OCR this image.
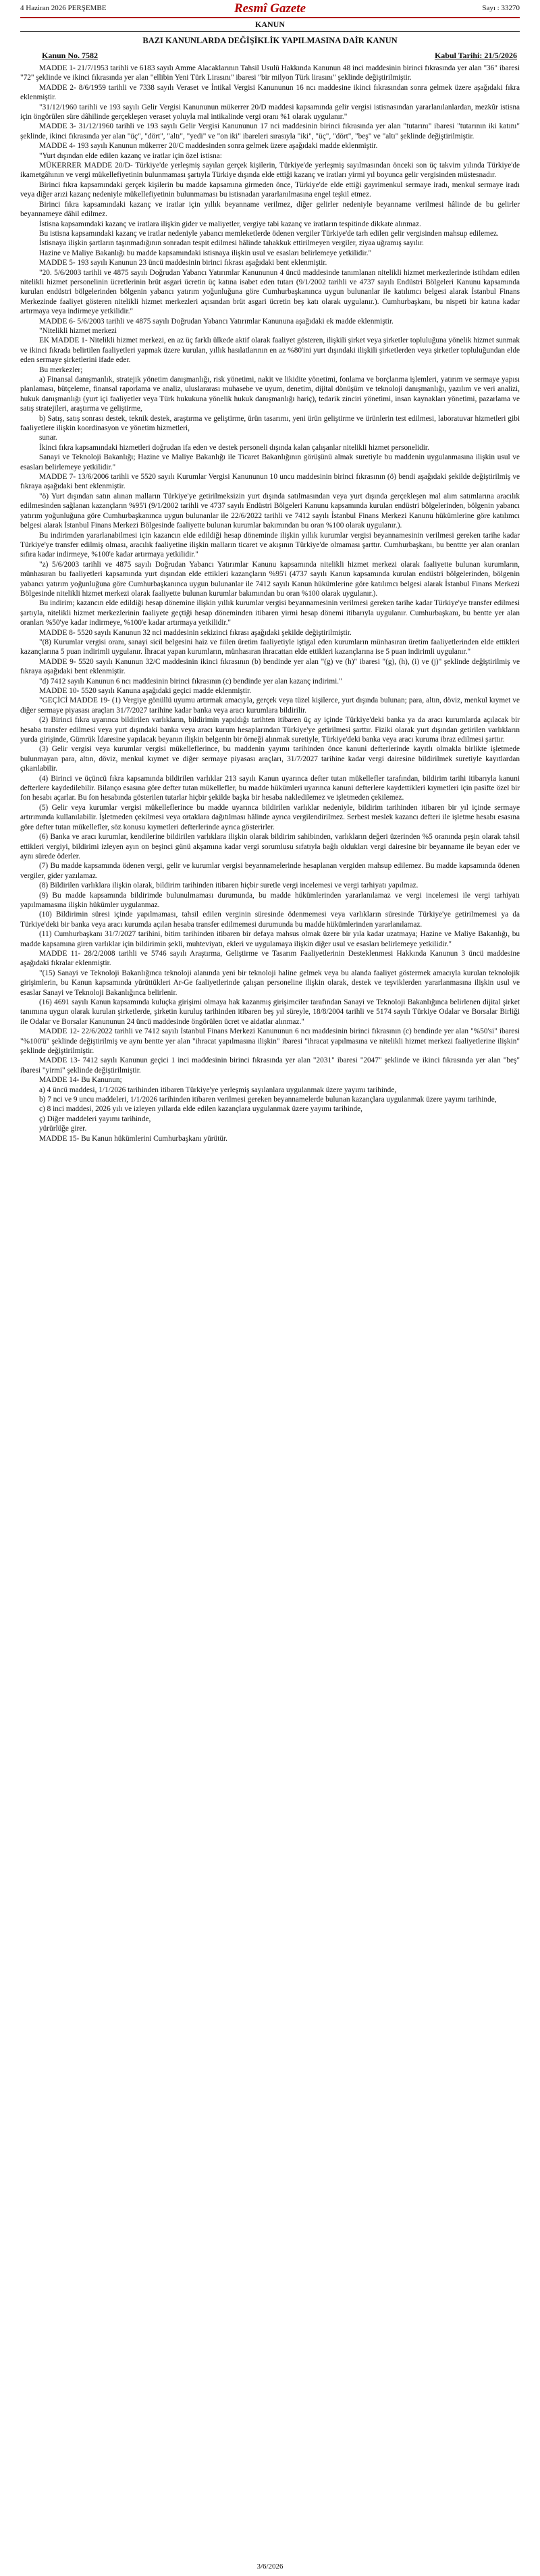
4 Haziran 2026 PERŞEMBE	Resmî Gazete	Sayı : 33270
KANUN
BAZI KANUNLARDA DEĞİŞİKLİK YAPILMASINA DAİR KANUN
Kanun No. 7582	Kabul Tarihi: 21/5/2026

MADDE 1- 21/7/1953 tarihli ve 6183 sayılı Amme Alacaklarının Tahsil Usulü Hakkında Kanunun 48 inci maddesinin birinci fıkrasında yer alan "36" ibaresi "72" şeklinde ve ikinci fıkrasında yer alan "ellibin Yeni Türk Lirasını" ibaresi "bir milyon Türk lirasını" şeklinde değiştirilmiştir.

MADDE 2- 8/6/1959 tarihli ve 7338 sayılı Veraset ve İntikal Vergisi Kanununun 16 ncı maddesine ikinci fıkrasından sonra gelmek üzere aşağıdaki fıkra eklenmiştir.

"31/12/1960 tarihli ve 193 sayılı Gelir Vergisi Kanununun mükerrer 20/D maddesi kapsamında gelir vergisi istisnasından yararlanılanlardan, mezkûr istisna için öngörülen süre dâhilinde gerçekleşen veraset yoluyla mal intikalinde vergi oranı %1 olarak uygulanır."

MADDE 3- 31/12/1960 tarihli ve 193 sayılı Gelir Vergisi Kanununun 17 nci maddesinin birinci fıkrasında yer alan "tutarını" ibaresi "tutarının iki katını" şeklinde, ikinci fıkrasında yer alan "üç", "dört", "altı", "yedi" ve "on iki" ibareleri sırasıyla "iki", "üç", "dört", "beş" ve "altı" şeklinde değiştirilmiştir.

MADDE 4- 193 sayılı Kanunun mükerrer 20/C maddesinden sonra gelmek üzere aşağıdaki madde eklenmiştir.

"Yurt dışından elde edilen kazanç ve iratlar için özel istisna:

MÜKERRER MADDE 20/D- Türkiye'de yerleşmiş sayılan gerçek kişilerin, Türkiye'de yerleşmiş sayılmasından önceki son üç takvim yılında Türkiye'de ikametgâhının ve vergi mükellefiyetinin bulunmaması şartıyla Türkiye dışında elde ettiği kazanç ve iratları yirmi yıl boyunca gelir vergisinden müstesnadır.

Birinci fıkra kapsamındaki gerçek kişilerin bu madde kapsamına girmeden önce, Türkiye'de elde ettiği gayrimenkul sermaye iradı, menkul sermaye iradı veya diğer arızi kazanç nedeniyle mükellefiyetinin bulunmaması bu istisnadan yararlanılmasına engel teşkil etmez.

Birinci fıkra kapsamındaki kazanç ve iratlar için yıllık beyanname verilmez, diğer gelirler nedeniyle beyanname verilmesi hâlinde de bu gelirler beyannameye dâhil edilmez.

İstisna kapsamındaki kazanç ve iratlara ilişkin gider ve maliyetler, vergiye tabi kazanç ve iratların tespitinde dikkate alınmaz.

Bu istisna kapsamındaki kazanç ve iratlar nedeniyle yabancı memleketlerde ödenen vergiler Türkiye'de tarh edilen gelir vergisinden mahsup edilemez.

İstisnaya ilişkin şartların taşınmadığının sonradan tespit edilmesi hâlinde tahakkuk ettirilmeyen vergiler, ziyaa uğramış sayılır.

Hazine ve Maliye Bakanlığı bu madde kapsamındaki istisnaya ilişkin usul ve esasları belirlemeye yetkilidir."

MADDE 5- 193 sayılı Kanunun 23 üncü maddesinin birinci fıkrası aşağıdaki bent eklenmiştir.

"20. 5/6/2003 tarihli ve 4875 sayılı Doğrudan Yabancı Yatırımlar Kanununun 4 üncü maddesinde tanımlanan nitelikli hizmet merkezlerinde istihdam edilen nitelikli hizmet personelinin ücretlerinin brüt asgari ücretin üç katına isabet eden tutarı (9/1/2002 tarihli ve 4737 sayılı Endüstri Bölgeleri Kanunu kapsamında kurulan endüstri bölgelerinden bölgenin yabancı yatırım yoğunluğuna göre Cumhurbaşkanınca uygun bulunanlar ile katılımcı belgesi alarak İstanbul Finans Merkezinde faaliyet gösteren nitelikli hizmet merkezleri açısından brüt asgari ücretin beş katı olarak uygulanır.). Cumhurbaşkanı, bu nispeti bir katına kadar artırmaya veya indirmeye yetkilidir."

MADDE 6- 5/6/2003 tarihli ve 4875 sayılı Doğrudan Yabancı Yatırımlar Kanununa aşağıdaki ek madde eklenmiştir.

"Nitelikli hizmet merkezi

EK MADDE 1- Nitelikli hizmet merkezi, en az üç farklı ülkede aktif olarak faaliyet gösteren, ilişkili şirket veya şirketler topluluğuna yönelik hizmet sunmak ve ikinci fıkrada belirtilen faaliyetleri yapmak üzere kurulan, yıllık hasılatlarının en az %80'ini yurt dışındaki ilişkili şirketlerden veya şirketler topluluğundan elde eden sermaye şirketlerini ifade eder.

Bu merkezler;

a) Finansal danışmanlık, stratejik yönetim danışmanlığı, risk yönetimi, nakit ve likidite yönetimi, fonlama ve borçlanma işlemleri, yatırım ve sermaye yapısı planlaması, bütçeleme, finansal raporlama ve analiz, uluslararası muhasebe ve uyum, denetim, dijital dönüşüm ve teknoloji danışmanlığı, yazılım ve veri analizi, hukuk danışmanlığı (yurt içi faaliyetler veya Türk hukukuna yönelik hukuk danışmanlığı hariç), tedarik zinciri yönetimi, insan kaynakları yönetimi, pazarlama ve satış stratejileri, araştırma ve geliştirme,

b) Satış, satış sonrası destek, teknik destek, araştırma ve geliştirme, ürün tasarımı, yeni ürün geliştirme ve ürünlerin test edilmesi, laboratuvar hizmetleri gibi faaliyetlere ilişkin koordinasyon ve yönetim hizmetleri,

sunar.

İkinci fıkra kapsamındaki hizmetleri doğrudan ifa eden ve destek personeli dışında kalan çalışanlar nitelikli hizmet personelidir.

Sanayi ve Teknoloji Bakanlığı; Hazine ve Maliye Bakanlığı ile Ticaret Bakanlığının görüşünü almak suretiyle bu maddenin uygulanmasına ilişkin usul ve esasları belirlemeye yetkilidir."

MADDE 7- 13/6/2006 tarihli ve 5520 sayılı Kurumlar Vergisi Kanununun 10 uncu maddesinin birinci fıkrasının (ö) bendi aşağıdaki şekilde değiştirilmiş ve fıkraya aşağıdaki bent eklenmiştir.

"ö) Yurt dışından satın alınan malların Türkiye'ye getirilmeksizin yurt dışında satılmasından veya yurt dışında gerçekleşen mal alım satımlarına aracılık edilmesinden sağlanan kazançların %95'i (9/1/2002 tarihli ve 4737 sayılı Endüstri Bölgeleri Kanunu kapsamında kurulan endüstri bölgelerinden, bölgenin yabancı yatırım yoğunluğuna göre Cumhurbaşkanınca uygun bulunanlar ile 22/6/2022 tarihli ve 7412 sayılı İstanbul Finans Merkezi Kanunu hükümlerine göre katılımcı belgesi alarak İstanbul Finans Merkezi Bölgesinde faaliyette bulunan kurumlar bakımından bu oran %100 olarak uygulanır.).

Bu indirimden yararlanabilmesi için kazancın elde edildiği hesap döneminde ilişkin yıllık kurumlar vergisi beyannamesinin verilmesi gereken tarihe kadar Türkiye'ye transfer edilmiş olması, aracılık faaliyetine ilişkin malların ticaret ve akışının Türkiye'de olmaması şarttır. Cumhurbaşkanı, bu benttte yer alan oranları sıfıra kadar indirmeye, %100'e kadar artırmaya yetkilidir."

"z) 5/6/2003 tarihli ve 4875 sayılı Doğrudan Yabancı Yatırımlar Kanunu kapsamında nitelikli hizmet merkezi olarak faaliyette bulunan kurumların, münhasıran bu faaliyetleri kapsamında yurt dışından elde ettikleri kazançların %95'i (4737 sayılı Kanun kapsamında kurulan endüstri bölgelerinden, bölgenin yabancı yatırım yoğunluğuna göre Cumhurbaşkanınca uygun bulunanlar ile 7412 sayılı Kanun hükümlerine göre katılımcı belgesi alarak İstanbul Finans Merkezi Bölgesinde nitelikli hizmet merkezi olarak faaliyette bulunan kurumlar bakımından bu oran %100 olarak uygulanır.).

Bu indirim; kazancın elde edildiği hesap dönemine ilişkin yıllık kurumlar vergisi beyannamesinin verilmesi gereken tarihe kadar Türkiye'ye transfer edilmesi şartıyla, nitelikli hizmet merkezlerinin faaliyete geçtiği hesap döneminden itibaren yirmi hesap dönemi itibarıyla uygulanır. Cumhurbaşkanı, bu bentte yer alan oranları %50'ye kadar indirmeye, %100'e kadar artırmaya yetkilidir."

MADDE 8- 5520 sayılı Kanunun 32 nci maddesinin sekizinci fıkrası aşağıdaki şekilde değiştirilmiştir.

"(8) Kurumlar vergisi oranı, sanayi sicil belgesini haiz ve fiilen üretim faaliyetiyle iştigal eden kurumların münhasıran üretim faaliyetlerinden elde ettikleri kazançlarına 5 puan indirimli uygulanır. İhracat yapan kurumların, münhasıran ihracattan elde ettikleri kazançlarına ise 5 puan indirimli uygulanır."

MADDE 9- 5520 sayılı Kanunun 32/C maddesinin ikinci fıkrasının (b) bendinde yer alan "(g) ve (h)" ibaresi "(g), (h), (i) ve (j)" şeklinde değiştirilmiş ve fıkraya aşağıdaki bent eklenmiştir.

"d) 7412 sayılı Kanunun 6 ncı maddesinin birinci fıkrasının (c) bendinde yer alan kazanç indirimi."

MADDE 10- 5520 sayılı Kanuna aşağıdaki geçici madde eklenmiştir.

"GEÇİCİ MADDE 19- (1) Vergiye gönüllü uyumu artırmak amacıyla, gerçek veya tüzel kişilerce, yurt dışında bulunan; para, altın, döviz, menkul kıymet ve diğer sermaye piyasası araçları 31/7/2027 tarihine kadar banka veya aracı kurumlara bildirilir.

(2) Birinci fıkra uyarınca bildirilen varlıkların, bildirimin yapıldığı tarihten itibaren üç ay içinde Türkiye'deki banka ya da aracı kurumlarda açılacak bir hesaba transfer edilmesi veya yurt dışındaki banka veya aracı kurum hesaplarından Türkiye'ye getirilmesi şarttır. Fiziki olarak yurt dışından getirilen varlıkların yurda girişinde, Gümrük İdaresine yapılacak beyanın ilişkin belgenin bir örneği alınmak suretiyle, Türkiye'deki banka veya aracı kuruma ibraz edilmesi şarttır.

(3) Gelir vergisi veya kurumlar vergisi mükelleflerince, bu maddenin yayımı tarihinden önce kanuni defterlerinde kayıtlı olmakla birlikte işletmede bulunmayan para, altın, döviz, menkul kıymet ve diğer sermaye piyasası araçları, 31/7/2027 tarihine kadar vergi dairesine bildirilmek suretiyle kayıtlardan çıkarılabilir.

(4) Birinci ve üçüncü fıkra kapsamında bildirilen varlıklar 213 sayılı Kanun uyarınca defter tutan mükellefler tarafından, bildirim tarihi itibarıyla kanuni defterlere kaydedilebilir. Bilanço esasına göre defter tutan mükellefler, bu madde hükümleri uyarınca kanuni defterlere kaydettikleri kıymetleri için pasifte özel bir fon hesabı açarlar. Bu fon hesabında gösterilen tutarlar hiçbir şekilde başka bir hesaba nakledilemez ve işletmeden çekilemez.

(5) Gelir veya kurumlar vergisi mükelleflerince bu madde uyarınca bildirilen varlıklar nedeniyle, bildirim tarihinden itibaren bir yıl içinde sermaye artırımında kullanılabilir. İşletmeden çekilmesi veya ortaklara dağıtılması hâlinde ayrıca vergilendirilmez. Serbest meslek kazancı defteri ile işletme hesabı esasına göre defter tutan mükellefler, söz konusu kıymetleri defterlerinde ayrıca gösterirler.

(6) Banka ve aracı kurumlar, kendilerine bildirilen varlıklara ilişkin olarak bildirim sahibinden, varlıkların değeri üzerinden %5 oranında peşin olarak tahsil ettikleri vergiyi, bildirimi izleyen ayın on beşinci günü akşamına kadar vergi sorumlusu sıfatıyla bağlı oldukları vergi dairesine bir beyanname ile beyan eder ve aynı sürede öderler.

(7) Bu madde kapsamında ödenen vergi, gelir ve kurumlar vergisi beyannamelerinde hesaplanan vergiden mahsup edilemez. Bu madde kapsamında ödenen vergiler, gider yazılamaz.

(8) Bildirilen varlıklara ilişkin olarak, bildirim tarihinden itibaren hiçbir suretle vergi incelemesi ve vergi tarhiyatı yapılmaz.

(9) Bu madde kapsamında bildirimde bulunulmaması durumunda, bu madde hükümlerinden yararlanılamaz ve vergi incelemesi ile vergi tarhiyatı yapılmamasına ilişkin hükümler uygulanmaz.

(10) Bildirimin süresi içinde yapılmaması, tahsil edilen verginin süresinde ödenmemesi veya varlıkların süresinde Türkiye'ye getirilmemesi ya da Türkiye'deki bir banka veya aracı kurumda açılan hesaba transfer edilmemesi durumunda bu madde hükümlerinden yararlanılamaz.

(11) Cumhurbaşkanı 31/7/2027 tarihini, bitim tarihinden itibaren bir defaya mahsus olmak üzere bir yıla kadar uzatmaya; Hazine ve Maliye Bakanlığı, bu madde kapsamına giren varlıklar için bildirimin şekli, muhteviyatı, ekleri ve uygulamaya ilişkin diğer usul ve esasları belirlemeye yetkilidir."

MADDE 11- 28/2/2008 tarihli ve 5746 sayılı Araştırma, Geliştirme ve Tasarım Faaliyetlerinin Desteklenmesi Hakkında Kanunun 3 üncü maddesine aşağıdaki fıkralar eklenmiştir.

"(15) Sanayi ve Teknoloji Bakanlığınca teknoloji alanında yeni bir teknoloji haline gelmek veya bu alanda faaliyet göstermek amacıyla kurulan teknolojik girişimlerin, bu Kanun kapsamında yürüttükleri Ar-Ge faaliyetlerinde çalışan personeline ilişkin olarak, destek ve teşviklerden yararlanmasına ilişkin usul ve esaslar Sanayi ve Teknoloji Bakanlığınca belirlenir.

(16) 4691 sayılı Kanun kapsamında kuluçka girişimi olmaya hak kazanmış girişimciler tarafından Sanayi ve Teknoloji Bakanlığınca belirlenen dijital şirket tanımına uygun olarak kurulan şirketlerde, şirketin kuruluş tarihinden itibaren beş yıl süreyle, 18/8/2004 tarihli ve 5174 sayılı Türkiye Odalar ve Borsalar Birliği ile Odalar ve Borsalar Kanununun 24 üncü maddesinde öngörülen ücret ve aidatlar alınmaz."

MADDE 12- 22/6/2022 tarihli ve 7412 sayılı İstanbul Finans Merkezi Kanununun 6 ncı maddesinin birinci fıkrasının (c) bendinde yer alan "%50'si" ibaresi "%100'ü" şeklinde değiştirilmiş ve aynı bentte yer alan "ihracat yapılmasına ilişkin" ibaresi "ihracat yapılmasına ve nitelikli hizmet merkezi faaliyetlerine ilişkin" şeklinde değiştirilmiştir.

MADDE 13- 7412 sayılı Kanunun geçici 1 inci maddesinin birinci fıkrasında yer alan "2031" ibaresi "2047" şeklinde ve ikinci fıkrasında yer alan "beş" ibaresi "yirmi" şeklinde değiştirilmiştir.

MADDE 14- Bu Kanunun;

a) 4 üncü maddesi, 1/1/2026 tarihinden itibaren Türkiye'ye yerleşmiş sayılanlara uygulanmak üzere yayımı tarihinde,

b) 7 nci ve 9 uncu maddeleri, 1/1/2026 tarihinden itibaren verilmesi gereken beyannamelerde bulunan kazançlara uygulanmak üzere yayımı tarihinde,

c) 8 inci maddesi, 2026 yılı ve izleyen yıllarda elde edilen kazançlara uygulanmak üzere yayımı tarihinde,

ç) Diğer maddeleri yayımı tarihinde,

yürürlüğe girer.

MADDE 15- Bu Kanun hükümlerini Cumhurbaşkanı yürütür.

3/6/2026
